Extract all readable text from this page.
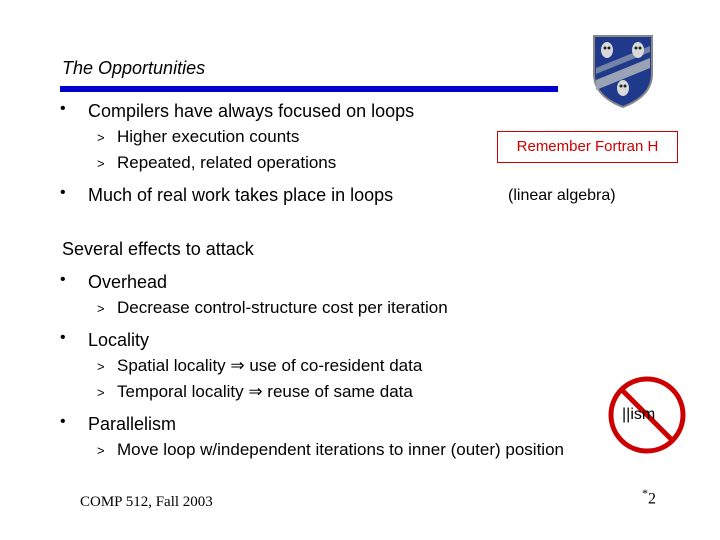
The Opportunities
• Compilers have always focused on loops
> Higher execution counts
> Repeated, related operations
Remember Fortran H
• Much of real work takes place in loops	(linear algebra)
Several effects to attack
• Overhead
> Decrease control-structure cost per iteration
• Locality
> Spatial locality ⇒ use of co-resident data
> Temporal locality ⇒ reuse of same data
• Parallelism
> Move loop w/independent iterations to inner (outer) position
||ism
COMP 512, Fall 2003
*2
